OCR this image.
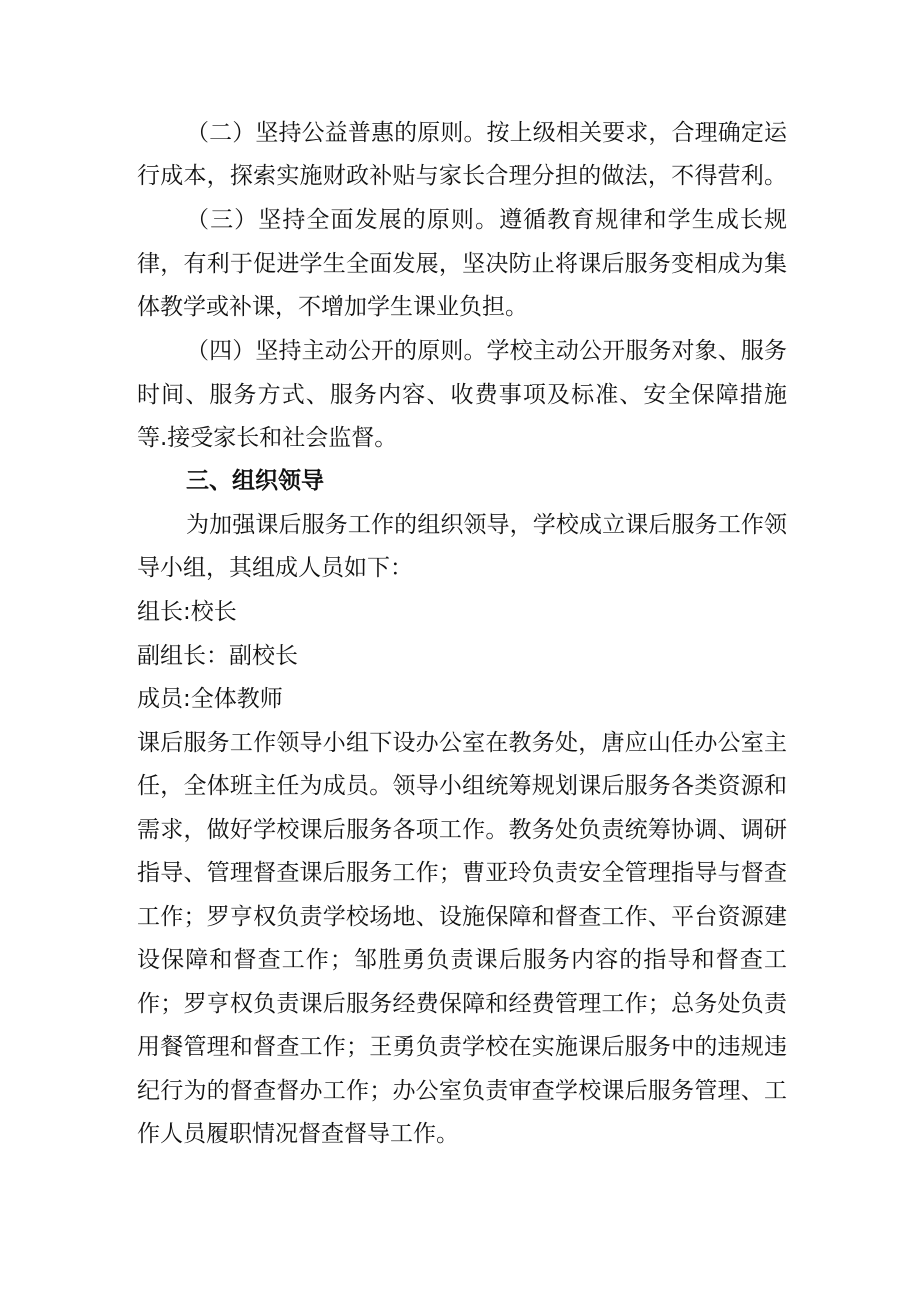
（二）坚持公益普惠的原则。按上级相关要求，合理确定运
行成本，探索实施财政补贴与家长合理分担的做法，不得营利。
（三）坚持全面发展的原则。遵循教育规律和学生成长规
律，有利于促进学生全面发展，坚决防止将课后服务变相成为集
体教学或补课，不增加学生课业负担。
（四）坚持主动公开的原则。学校主动公开服务对象、服务
时间、服务方式、服务内容、收费事项及标准、安全保障措施
等.接受家长和社会监督。
三、组织领导
为加强课后服务工作的组织领导，学校成立课后服务工作领
导小组，其组成人员如下：
组长:校长
副组长：副校长
成员:全体教师
课后服务工作领导小组下设办公室在教务处，唐应山任办公室主
任，全体班主任为成员。领导小组统筹规划课后服务各类资源和
需求，做好学校课后服务各项工作。教务处负责统筹协调、调研
指导、管理督查课后服务工作；曹亚玲负责安全管理指导与督查
工作；罗亨权负责学校场地、设施保障和督查工作、平台资源建
设保障和督查工作；邹胜勇负责课后服务内容的指导和督查工
作；罗亨权负责课后服务经费保障和经费管理工作；总务处负责
用餐管理和督查工作；王勇负责学校在实施课后服务中的违规违
纪行为的督查督办工作；办公室负责审查学校课后服务管理、工
作人员履职情况督查督导工作。
